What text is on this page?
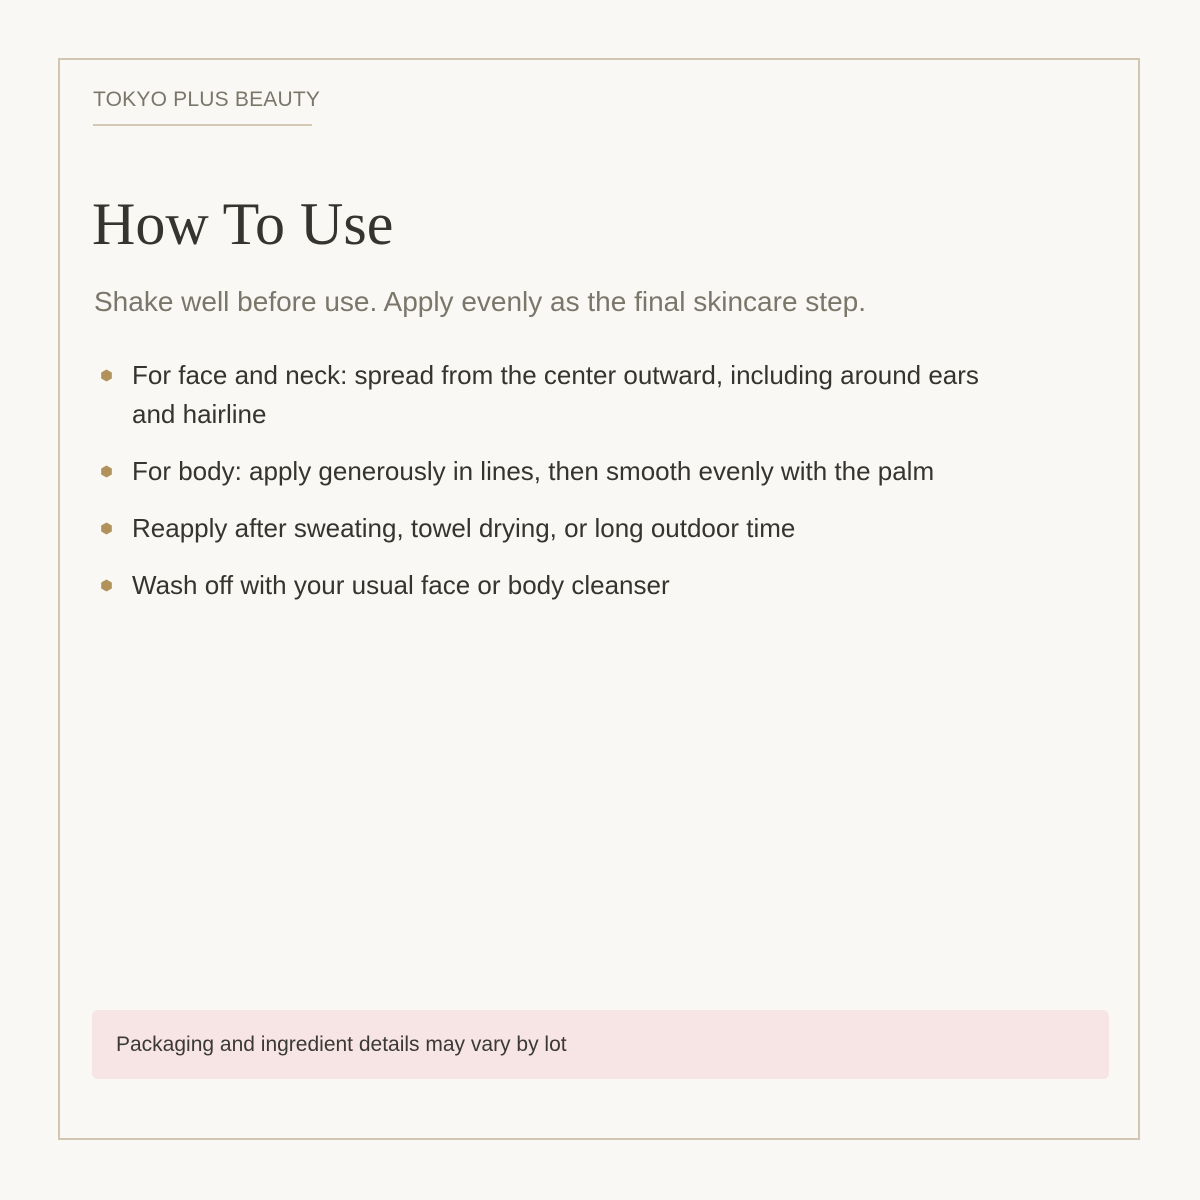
TOKYO PLUS BEAUTY

How To Use

Shake well before use. Apply evenly as the final skincare step.

For face and neck: spread from the center outward, including around ears and hairline
For body: apply generously in lines, then smooth evenly with the palm
Reapply after sweating, towel drying, or long outdoor time
Wash off with your usual face or body cleanser
Packaging and ingredient details may vary by lot
